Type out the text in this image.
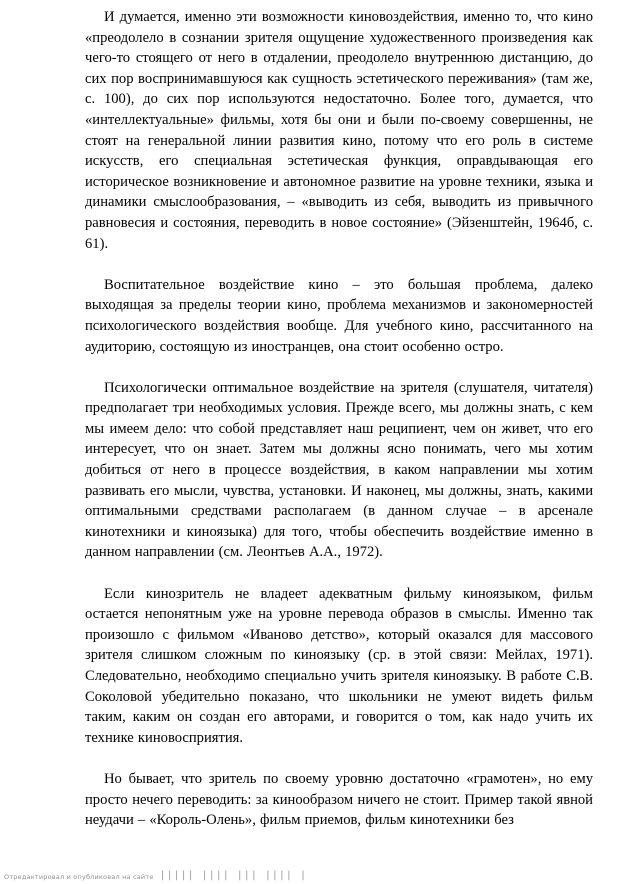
И думается, именно эти возможности киновоздействия, именно то, что кино «преодолело в сознании зрителя ощущение художественного произведения как чего-то стоящего от него в отдалении, преодолело внутреннюю дистанцию, до сих пор воспринимавшуюся как сущность эстетического переживания» (там же, с. 100), до сих пор используются недостаточно. Более того, думается, что «интеллектуальные» фильмы, хотя бы они и были по-своему совершенны, не стоят на генеральной линии развития кино, потому что его роль в системе искусств, его специальная эстетическая функция, оправдывающая его историческое возникновение и автономное развитие на уровне техники, языка и динамики смыслообразования, – «выводить из себя, выводить из привычного равновесия и состояния, переводить в новое состояние» (Эйзенштейн, 1964б, с. 61).

Воспитательное воздействие кино – это большая проблема, далеко выходящая за пределы теории кино, проблема механизмов и закономерностей психологического воздействия вообще. Для учебного кино, рассчитанного на аудиторию, состоящую из иностранцев, она стоит особенно остро.

Психологически оптимальное воздействие на зрителя (слушателя, читателя) предполагает три необходимых условия. Прежде всего, мы должны знать, с кем мы имеем дело: что собой представляет наш реципиент, чем он живет, что его интересует, что он знает. Затем мы должны ясно понимать, чего мы хотим добиться от него в процессе воздействия, в каком направлении мы хотим развивать его мысли, чувства, установки. И наконец, мы должны, знать, какими оптимальными средствами располагаем (в данном случае – в арсенале кинотехники и киноязыка) для того, чтобы обеспечить воздействие именно в данном направлении (см. Леонтьев А.А., 1972).

Если кинозритель не владеет адекватным фильму киноязыком, фильм остается непонятным уже на уровне перевода образов в смыслы. Именно так произошло с фильмом «Иваново детство», который оказался для массового зрителя слишком сложным по киноязыку (ср. в этой связи: Мейлах, 1971). Следовательно, необходимо специально учить зрителя киноязыку. В работе С.В. Соколовой убедительно показано, что школьники не умеют видеть фильм таким, каким он создан его авторами, и говорится о том, как надо учить их технике киновосприятия.

Но бывает, что зритель по своему уровню достаточно «грамотен», но ему просто нечего переводить: за кинообразом ничего не стоит. Пример такой явной неудачи – «Король-Олень», фильм приемов, фильм кинотехники без

Отредактировал и опубликовал на сайте ||||| |||| ||| |||| |
